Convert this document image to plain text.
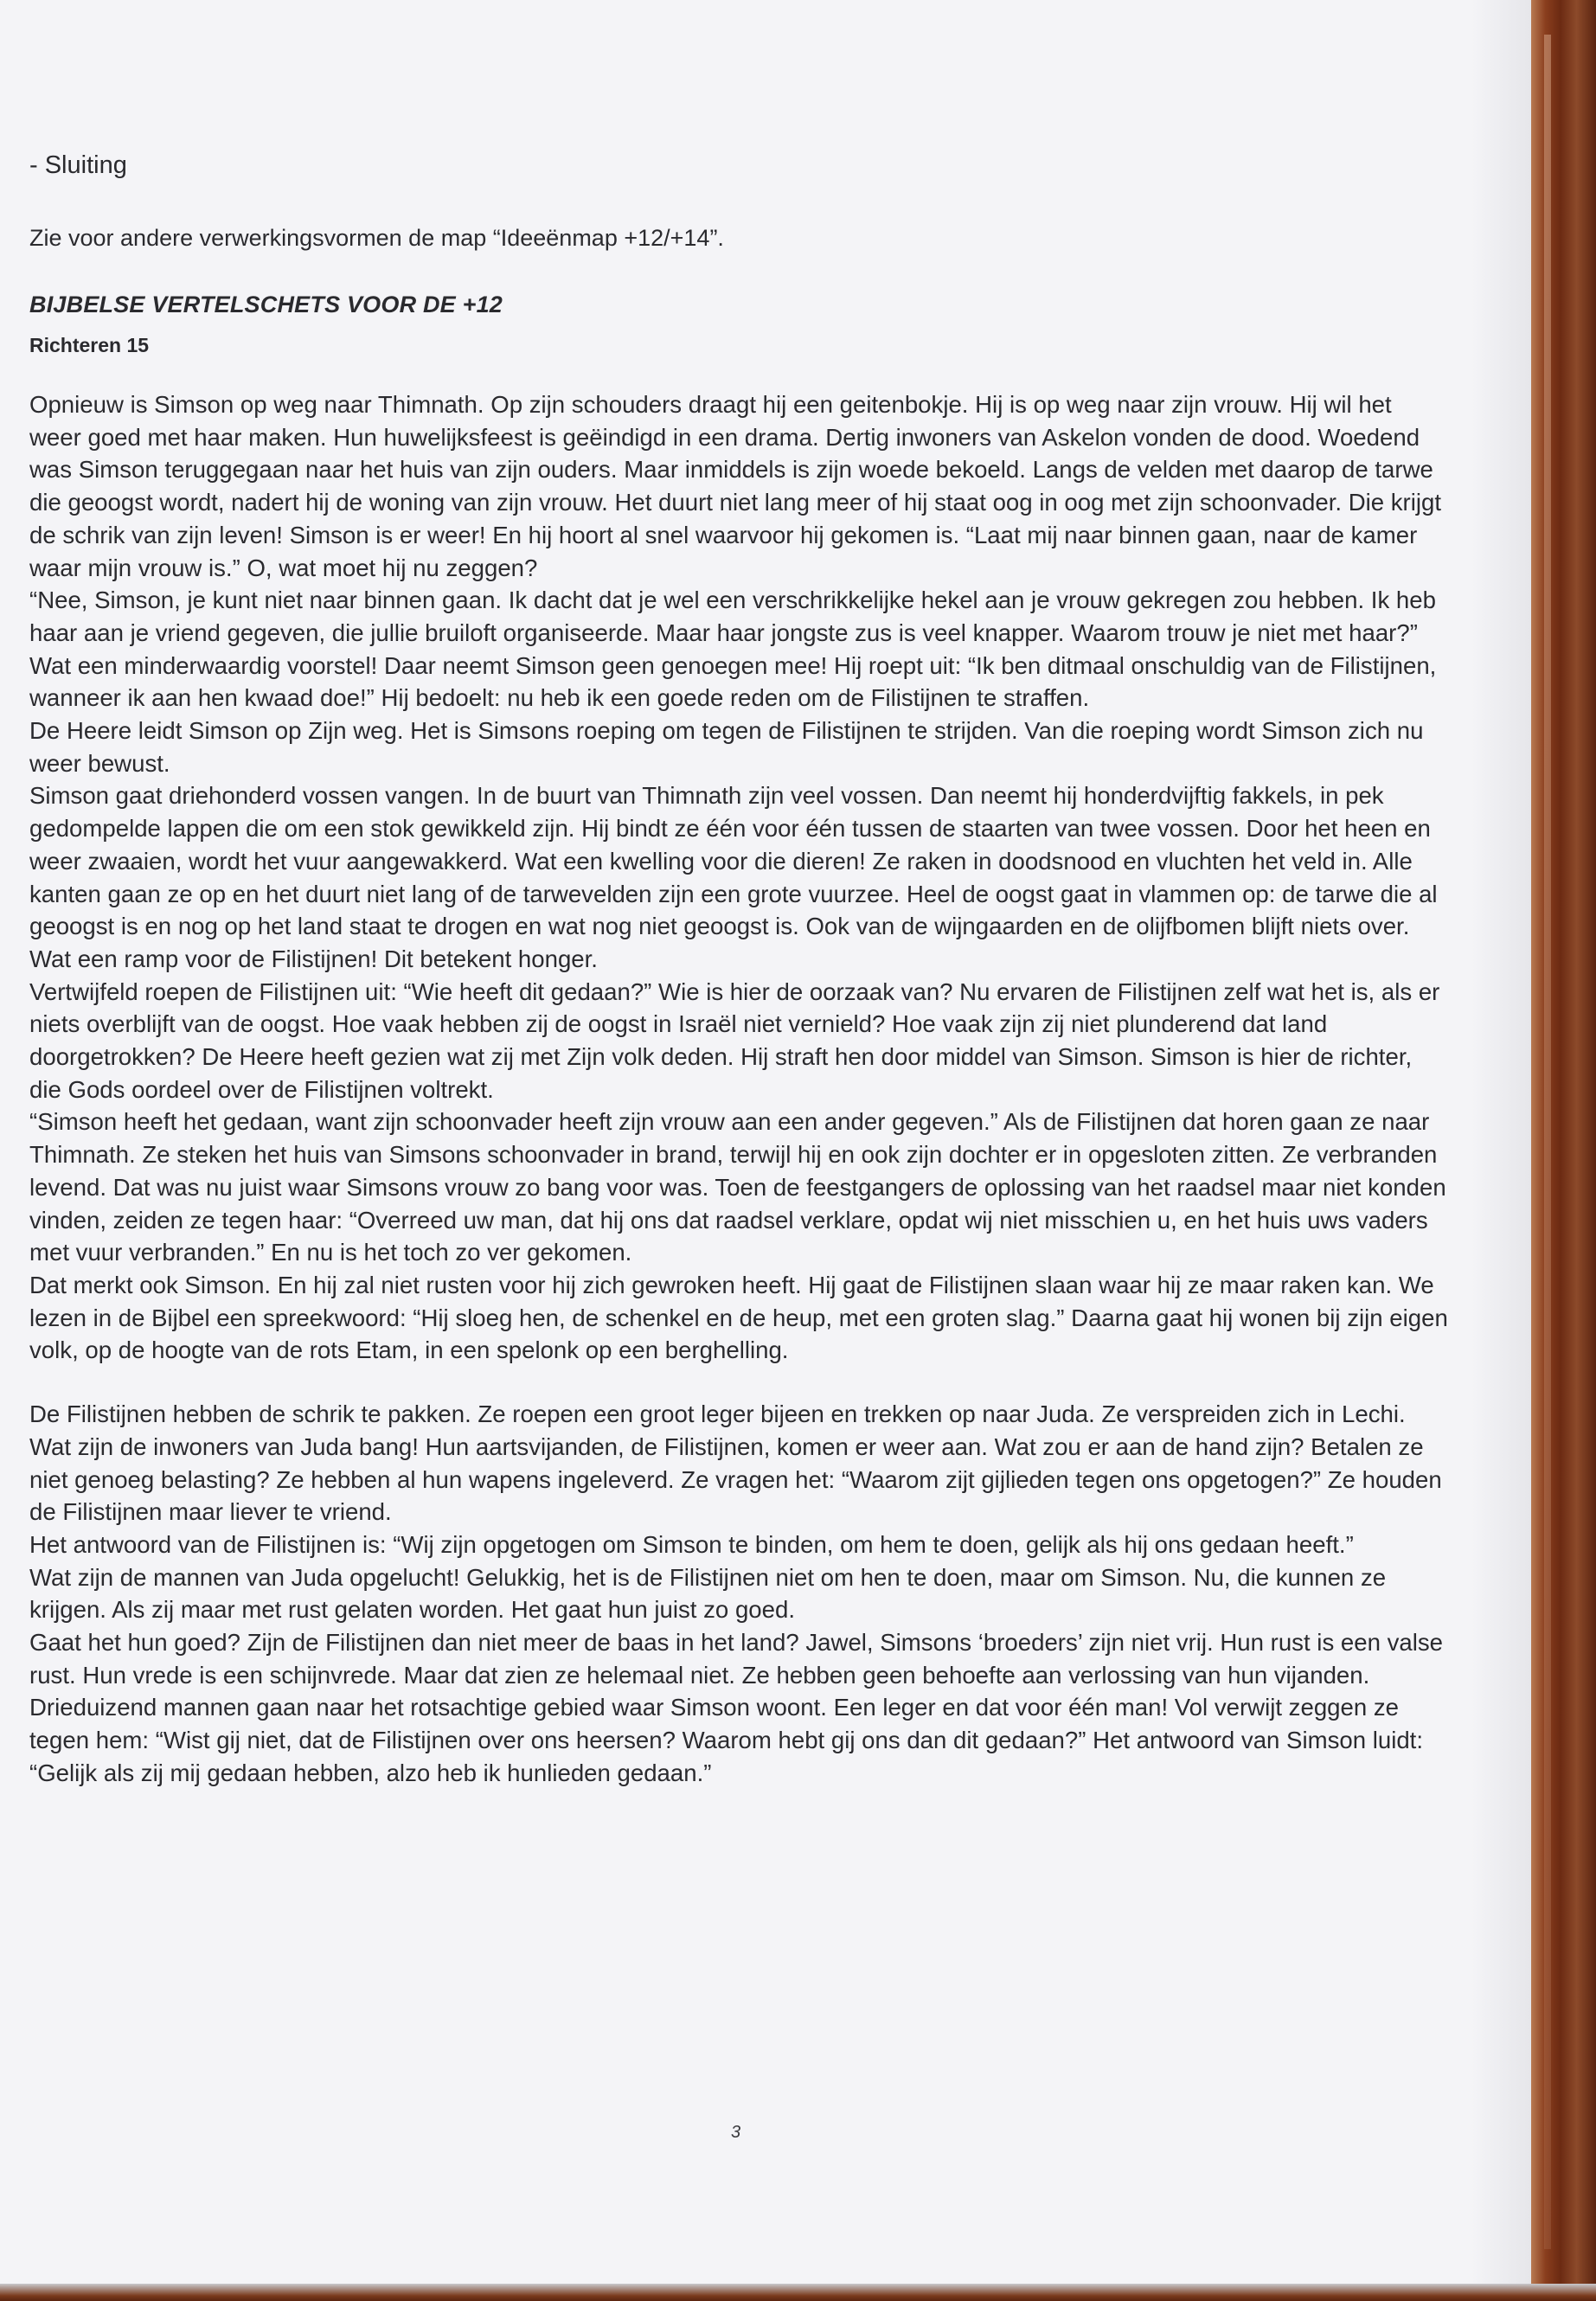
- Sluiting

Zie voor andere verwerkingsvormen de map “Ideeënmap +12/+14”.

BIJBELSE VERTELSCHETS VOOR DE +12

Richteren 15

Opnieuw is Simson op weg naar Thimnath. Op zijn schouders draagt hij een geitenbokje. Hij is op weg naar zijn vrouw. Hij wil het weer goed met haar maken. Hun huwelijksfeest is geëindigd in een drama. Dertig inwoners van Askelon vonden de dood. Woedend was Simson teruggegaan naar het huis van zijn ouders. Maar inmiddels is zijn woede bekoeld. Langs de velden met daarop de tarwe die geoogst wordt, nadert hij de woning van zijn vrouw. Het duurt niet lang meer of hij staat oog in oog met zijn schoonvader. Die krijgt de schrik van zijn leven! Simson is er weer! En hij hoort al snel waarvoor hij gekomen is. “Laat mij naar binnen gaan, naar de kamer waar mijn vrouw is.” O, wat moet hij nu zeggen?

“Nee, Simson, je kunt niet naar binnen gaan. Ik dacht dat je wel een verschrikkelijke hekel aan je vrouw gekregen zou hebben. Ik heb haar aan je vriend gegeven, die jullie bruiloft organiseerde. Maar haar jongste zus is veel knapper. Waarom trouw je niet met haar?” Wat een minderwaardig voorstel! Daar neemt Simson geen genoegen mee! Hij roept uit: “Ik ben ditmaal onschuldig van de Filistijnen, wanneer ik aan hen kwaad doe!” Hij bedoelt: nu heb ik een goede reden om de Filistijnen te straffen.

De Heere leidt Simson op Zijn weg. Het is Simsons roeping om tegen de Filistijnen te strijden. Van die roeping wordt Simson zich nu weer bewust.

Simson gaat driehonderd vossen vangen. In de buurt van Thimnath zijn veel vossen. Dan neemt hij honderdvijftig fakkels, in pek gedompelde lappen die om een stok gewikkeld zijn. Hij bindt ze één voor één tussen de staarten van twee vossen. Door het heen en weer zwaaien, wordt het vuur aangewakkerd. Wat een kwelling voor die dieren! Ze raken in doodsnood en vluchten het veld in. Alle kanten gaan ze op en het duurt niet lang of de tarwevelden zijn een grote vuurzee. Heel de oogst gaat in vlammen op: de tarwe die al geoogst is en nog op het land staat te drogen en wat nog niet geoogst is. Ook van de wijngaarden en de olijfbomen blijft niets over. Wat een ramp voor de Filistijnen! Dit betekent honger.

Vertwijfeld roepen de Filistijnen uit: “Wie heeft dit gedaan?” Wie is hier de oorzaak van? Nu ervaren de Filistijnen zelf wat het is, als er niets overblijft van de oogst. Hoe vaak hebben zij de oogst in Israël niet vernield? Hoe vaak zijn zij niet plunderend dat land doorgetrokken? De Heere heeft gezien wat zij met Zijn volk deden. Hij straft hen door middel van Simson. Simson is hier de richter, die Gods oordeel over de Filistijnen voltrekt.

“Simson heeft het gedaan, want zijn schoonvader heeft zijn vrouw aan een ander gegeven.” Als de Filistijnen dat horen gaan ze naar Thimnath. Ze steken het huis van Simsons schoonvader in brand, terwijl hij en ook zijn dochter er in opgesloten zitten. Ze verbranden levend. Dat was nu juist waar Simsons vrouw zo bang voor was. Toen de feestgangers de oplossing van het raadsel maar niet konden vinden, zeiden ze tegen haar: “Overreed uw man, dat hij ons dat raadsel verklare, opdat wij niet misschien u, en het huis uws vaders met vuur verbranden.” En nu is het toch zo ver gekomen.

Dat merkt ook Simson. En hij zal niet rusten voor hij zich gewroken heeft. Hij gaat de Filistijnen slaan waar hij ze maar raken kan. We lezen in de Bijbel een spreekwoord: “Hij sloeg hen, de schenkel en de heup, met een groten slag.” Daarna gaat hij wonen bij zijn eigen volk, op de hoogte van de rots Etam, in een spelonk op een berghelling.

De Filistijnen hebben de schrik te pakken. Ze roepen een groot leger bijeen en trekken op naar Juda. Ze verspreiden zich in Lechi. Wat zijn de inwoners van Juda bang! Hun aartsvijanden, de Filistijnen, komen er weer aan. Wat zou er aan de hand zijn? Betalen ze niet genoeg belasting? Ze hebben al hun wapens ingeleverd. Ze vragen het: “Waarom zijt gijlieden tegen ons opgetogen?” Ze houden de Filistijnen maar liever te vriend.

Het antwoord van de Filistijnen is: “Wij zijn opgetogen om Simson te binden, om hem te doen, gelijk als hij ons gedaan heeft.”

Wat zijn de mannen van Juda opgelucht! Gelukkig, het is de Filistijnen niet om hen te doen, maar om Simson. Nu, die kunnen ze krijgen. Als zij maar met rust gelaten worden. Het gaat hun juist zo goed.

Gaat het hun goed? Zijn de Filistijnen dan niet meer de baas in het land? Jawel, Simsons ‘broeders’ zijn niet vrij. Hun rust is een valse rust. Hun vrede is een schijnvrede. Maar dat zien ze helemaal niet. Ze hebben geen behoefte aan verlossing van hun vijanden.

Drieduizend mannen gaan naar het rotsachtige gebied waar Simson woont. Een leger en dat voor één man! Vol verwijt zeggen ze tegen hem: “Wist gij niet, dat de Filistijnen over ons heersen? Waarom hebt gij ons dan dit gedaan?” Het antwoord van Simson luidt: “Gelijk als zij mij gedaan hebben, alzo heb ik hunlieden gedaan.”

3
